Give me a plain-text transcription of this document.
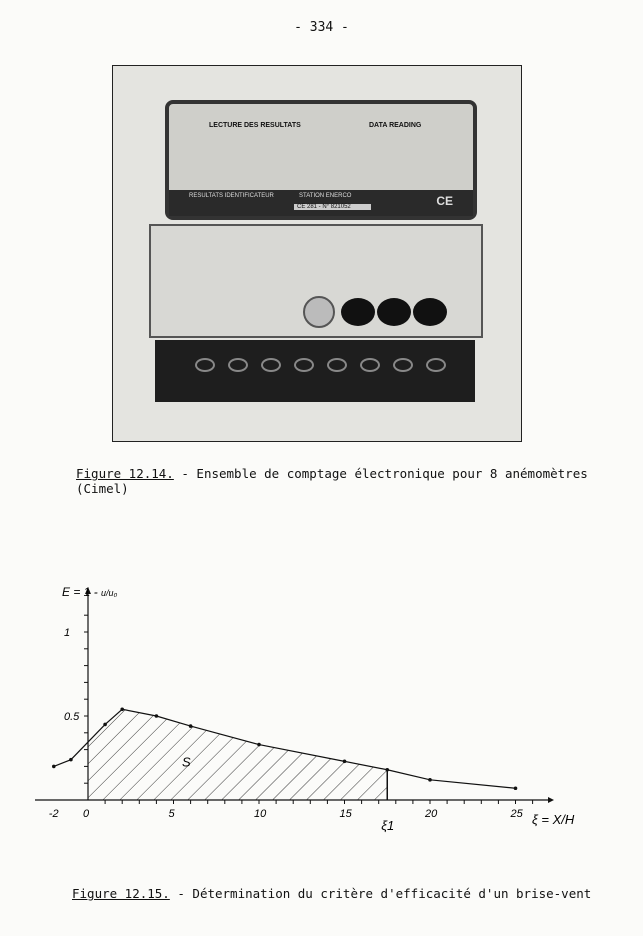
- 334 -
LECTURE DES RESULTATS	DATA READING
RESULTATS IDENTIFICATEUR	STATION ENERCO
CE 281 - N° 821052	CE
Figure 12.14. - Ensemble de comptage électronique pour 8 anémomètres (Cimel)
-2 0	5	10	15	20	25
0.5
1
S
ξ1
E = 1 - u/u₀
ξ = X/H
Figure 12.15. - Détermination du critère d'efficacité d'un brise-vent
